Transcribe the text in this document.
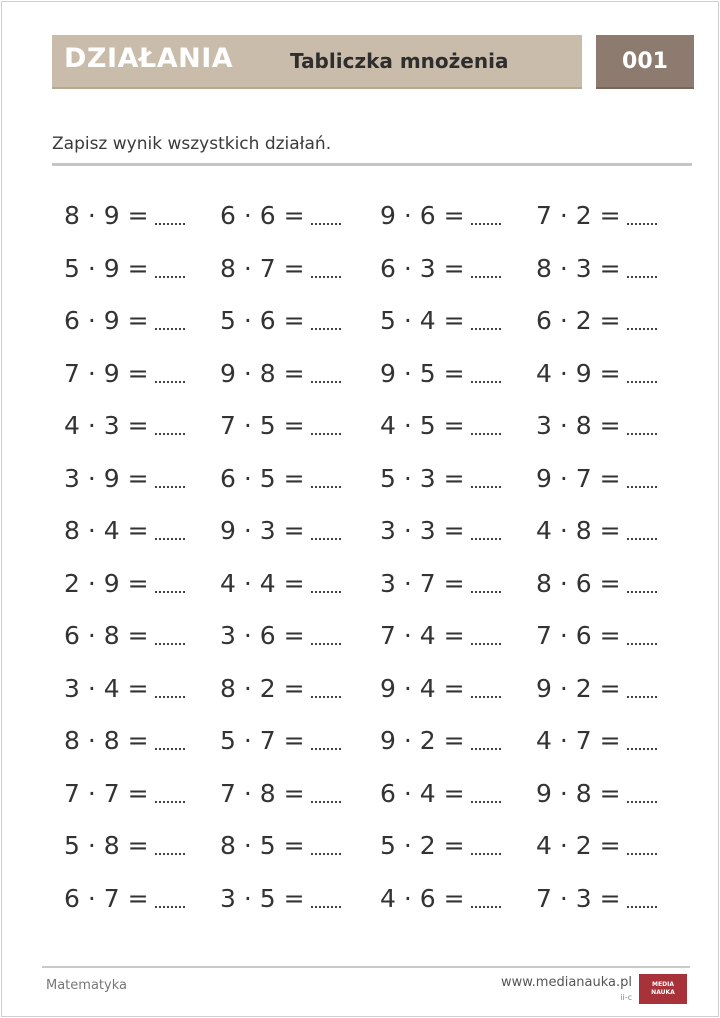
DZIAŁANIA	Tabliczka mnożenia	001
Zapisz wynik wszystkich działań.
8 · 9 =	6 · 6 =	9 · 6 =	7 · 2 =
5 · 9 =	8 · 7 =	6 · 3 =	8 · 3 =
6 · 9 =	5 · 6 =	5 · 4 =	6 · 2 =
7 · 9 =	9 · 8 =	9 · 5 =	4 · 9 =
4 · 3 =	7 · 5 =	4 · 5 =	3 · 8 =
3 · 9 =	6 · 5 =	5 · 3 =	9 · 7 =
8 · 4 =	9 · 3 =	3 · 3 =	4 · 8 =
2 · 9 =	4 · 4 =	3 · 7 =	8 · 6 =
6 · 8 =	3 · 6 =	7 · 4 =	7 · 6 =
3 · 4 =	8 · 2 =	9 · 4 =	9 · 2 =
8 · 8 =	5 · 7 =	9 · 2 =	4 · 7 =
7 · 7 =	7 · 8 =	6 · 4 =	9 · 8 =
5 · 8 =	8 · 5 =	5 · 2 =	4 · 2 =
6 · 7 =	3 · 5 =	4 · 6 =	7 · 3 =
Matematyka	www.medianauka.pl
ii-c
MEDIA
NAUKA
